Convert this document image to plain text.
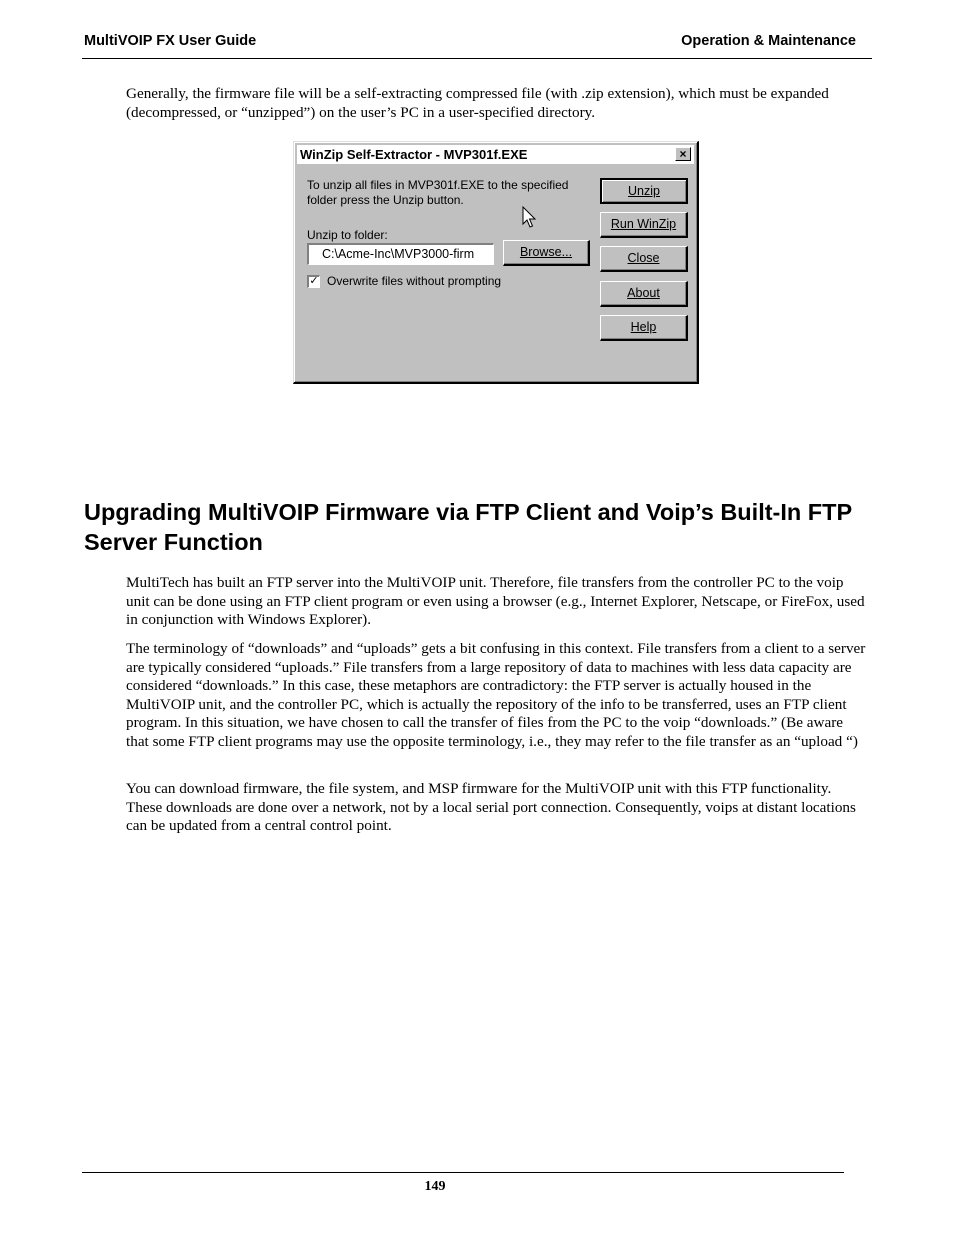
MultiVOIP FX User Guide	Operation & Maintenance

Generally, the firmware file will be a self-extracting compressed file (with .zip extension), which must be expanded (decompressed, or “unzipped”) on the user’s PC in a user-specified directory.

WinZip Self-Extractor - MVP301f.EXE	×
To unzip all files in MVP301f.EXE to the specified folder press the Unzip button.
Unzip to folder:
C:\Acme-Inc\MVP3000-firm	Browse...
✓ Overwrite files without prompting
Unzip
Run WinZip
Close
About
Help
Upgrading MultiVOIP Firmware via FTP Client and Voip’s Built-In FTP Server Function

MultiTech has built an FTP server into the MultiVOIP unit. Therefore, file transfers from the controller PC to the voip unit can be done using an FTP client program or even using a browser (e.g., Internet Explorer, Netscape, or FireFox, used in conjunction with Windows Explorer).

The terminology of “downloads” and “uploads” gets a bit confusing in this context. File transfers from a client to a server are typically considered “uploads.” File transfers from a large repository of data to machines with less data capacity are considered “downloads.” In this case, these metaphors are contradictory: the FTP server is actually housed in the MultiVOIP unit, and the controller PC, which is actually the repository of the info to be transferred, uses an FTP client program. In this situation, we have chosen to call the transfer of files from the PC to the voip “downloads.” (Be aware that some FTP client programs may use the opposite terminology, i.e., they may refer to the file transfer as an “upload “)

You can download firmware, the file system, and MSP firmware for the MultiVOIP unit with this FTP functionality. These downloads are done over a network, not by a local serial port connection. Consequently, voips at distant locations can be updated from a central control point.

149
